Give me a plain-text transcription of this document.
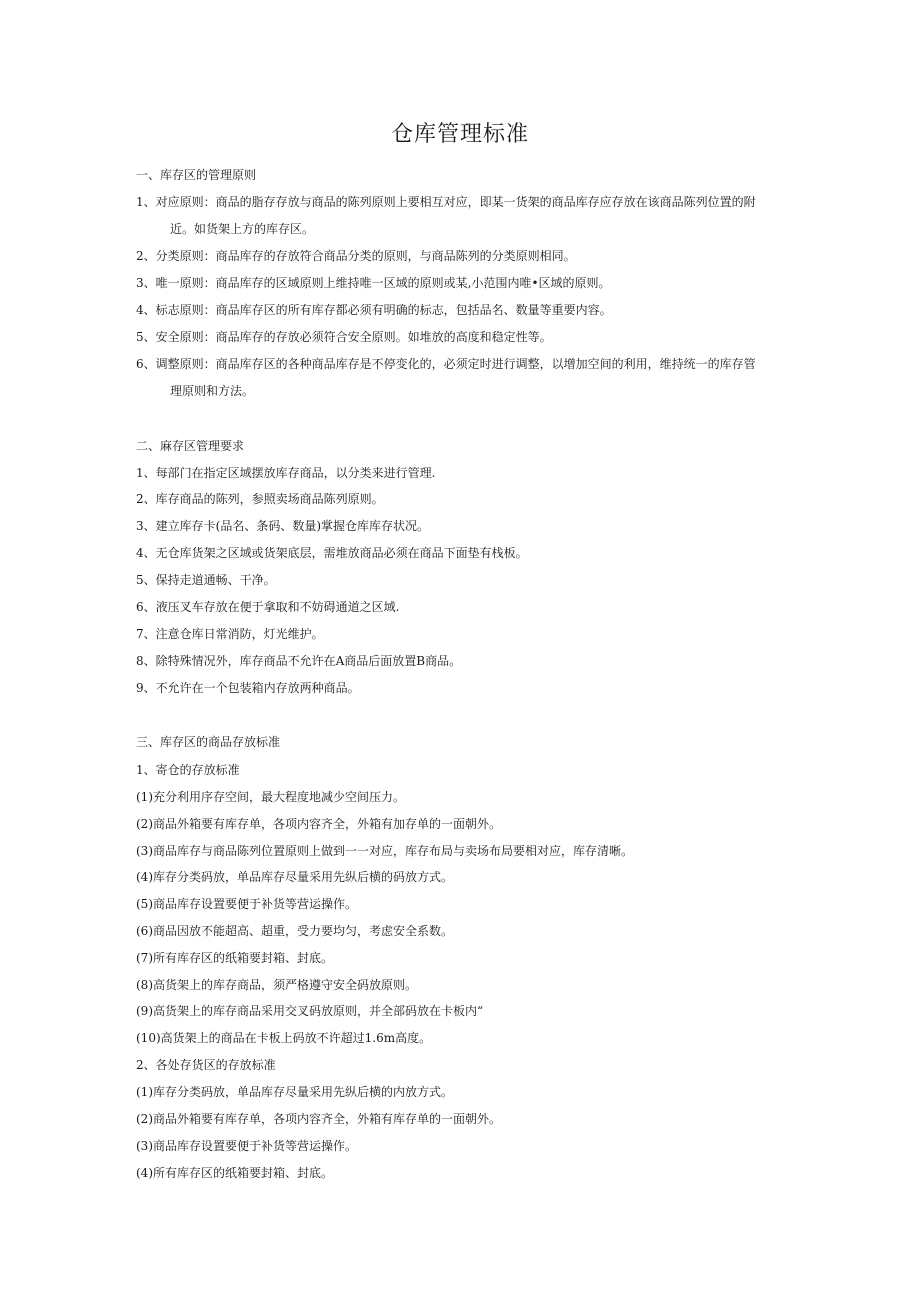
仓库管理标准
一、库存区的管理原则
1、对应原则：商品的脂存存放与商品的陈列原则上要相互对应，即某一货架的商品库存应存放在该商品陈列位置的附
近。如货架上方的库存区。
2、分类原则：商品库存的存放符合商品分类的原则，与商品陈列的分类原则相同。
3、唯一原则：商品库存的区域原则上维持唯一区域的原则或某,小范围内唯•区域的原则。
4、标志原则：商品库存区的所有库存都必须有明确的标志，包括品名、数量等重要内容。
5、安全原则：商品库存的存放必须符合安全原则。如堆放的高度和稳定性等。
6、调整原则：商品库存区的各种商品库存是不停变化的，必须定时进行调整，以增加空间的利用，维持统一的库存管
理原则和方法。
二、麻存区管理要求
1、每部门在指定区域摆放库存商品，以分类来进行管理.
2、库存商品的陈列，参照卖场商品陈列原则。
3、建立库存卡(品名、条码、数量)掌握仓库库存状况。
4、无仓库货架之区域或货架底层，需堆放商品必须在商品下面垫有栈板。
5、保持走道通畅、干净。
6、液压叉车存放在便于拿取和不妨碍通道之区域.
7、注意仓库日常消防，灯光维护。
8、除特殊情况外，库存商品不允许在A商品后面放置B商品。
9、不允许在一个包装箱内存放两种商品。
三、库存区的商品存放标准
1、寄仓的存放标准
(1)充分利用序存空间，最大程度地减少空间压力。
(2)商品外箱要有库存单，各项内容齐全，外箱有加存单的一面朝外。
(3)商品库存与商品陈列位置原则上做到一一对应，库存布局与卖场布局要相对应，库存清晰。
(4)库存分类码放，单品库存尽量采用先纵后横的码放方式。
(5)商品库存设置要便于补货等营运操作。
(6)商品因放不能超高、超重，受力要均匀，考虑安全系数。
(7)所有库存区的纸箱要封箱、封底。
(8)高货架上的库存商品，须严格遵守安全码放原则。
(9)高货架上的库存商品采用交叉码放原则，并全部码放在卡板内“
(10)高货架上的商品在卡板上码放不许超过1.6m高度。
2、各处存货区的存放标准
(1)库存分类码放，单品库存尽量采用先纵后横的内放方式。
(2)商品外箱要有库存单，各项内容齐全，外箱有库存单的一面朝外。
(3)商品库存设置要便于补货等营运操作。
(4)所有库存区的纸箱要封箱、封底。
